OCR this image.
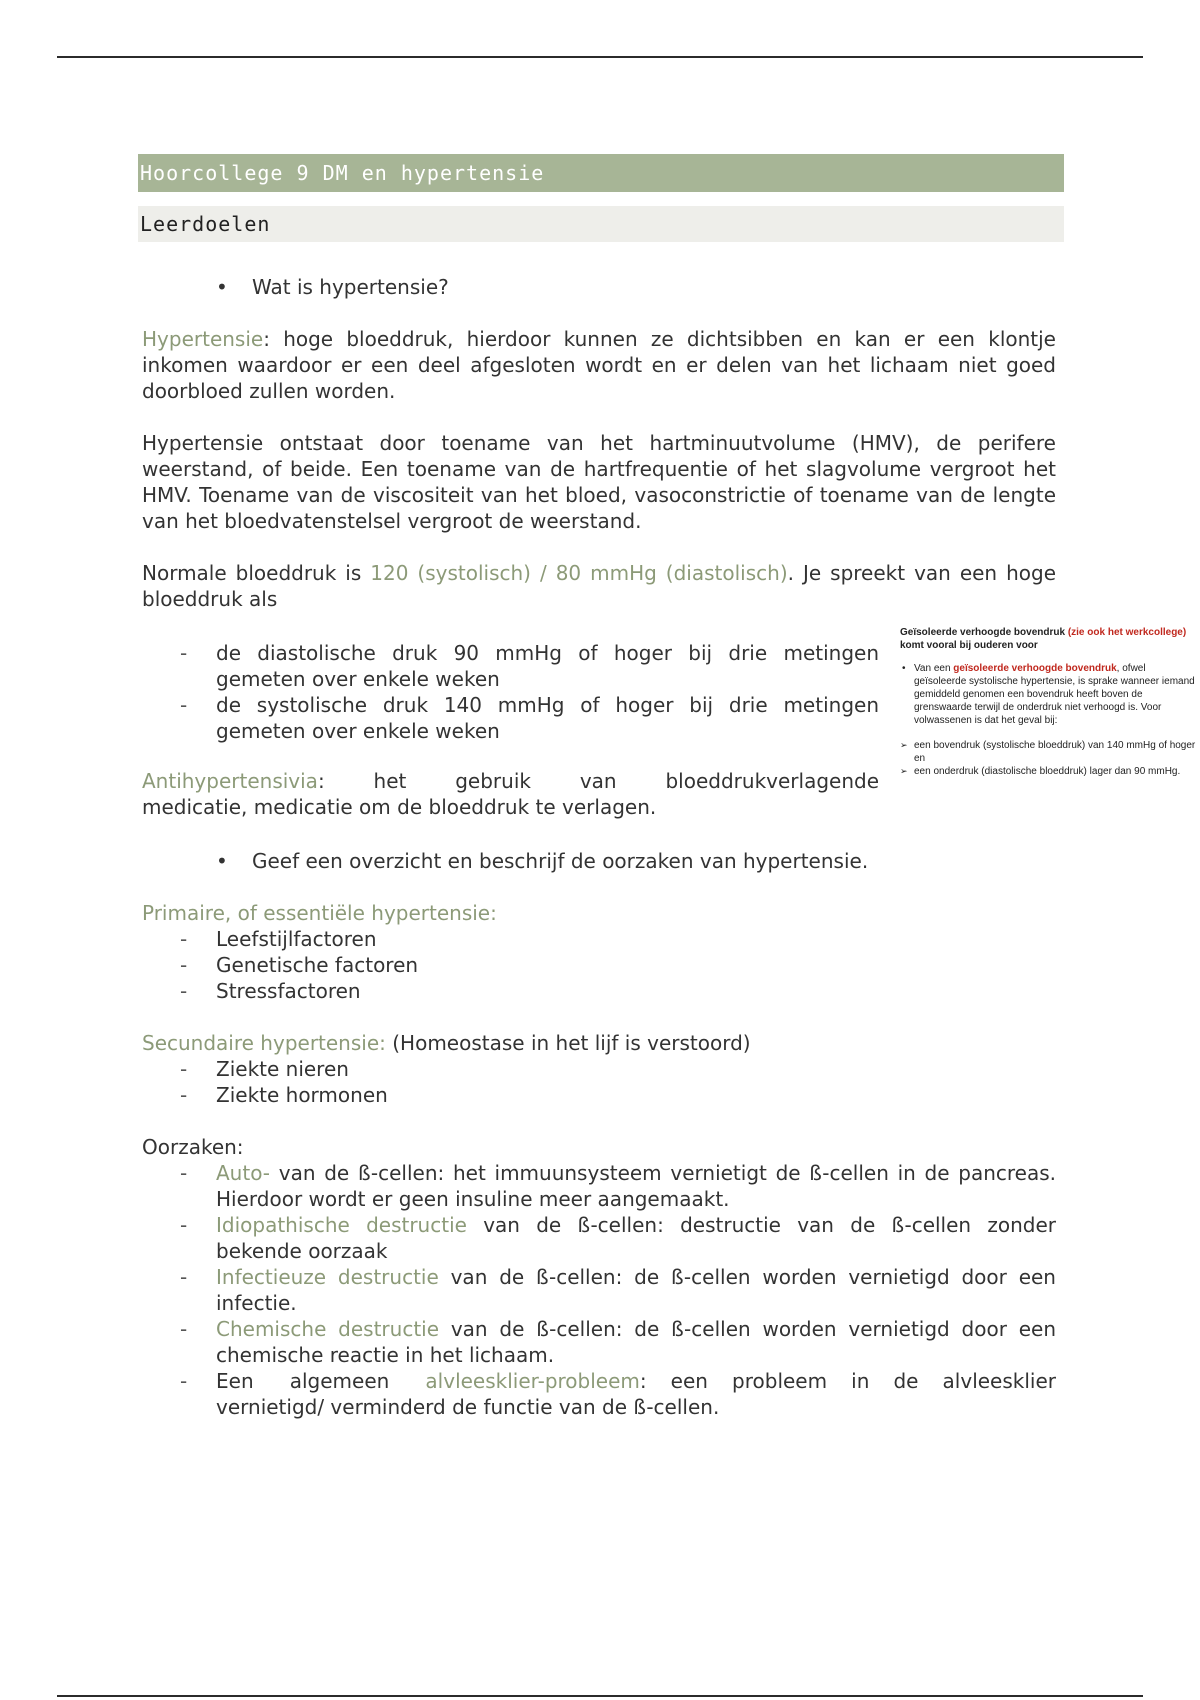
Hoorcollege 9 DM en hypertensie
Leerdoelen
• Wat is hypertensie?

Hypertensie: hoge bloeddruk, hierdoor kunnen ze dichtsibben en kan er een klontje inkomen waardoor er een deel afgesloten wordt en er delen van het lichaam niet goed doorbloed zullen worden.

Hypertensie ontstaat door toename van het hartminuutvolume (HMV), de perifere weerstand, of beide. Een toename van de hartfrequentie of het slagvolume vergroot het HMV. Toename van de viscositeit van het bloed, vasoconstrictie of toename van de lengte van het bloedvatenstelsel vergroot de weerstand.

Normale bloeddruk is 120 (systolisch) / 80 mmHg (diastolisch). Je spreekt van een hoge bloeddruk als

- de diastolische druk 90 mmHg of hoger bij drie metingen gemeten over enkele weken
- de systolische druk 140 mmHg of hoger bij drie metingen gemeten over enkele weken

Antihypertensivia:    het    gebruik    van    bloeddrukverlagende medicatie, medicatie om de bloeddruk te verlagen.

• Geef een overzicht en beschrijf de oorzaken van hypertensie.

Primaire, of essentiële hypertensie:

- Leefstijlfactoren
- Genetische factoren
- Stressfactoren

Secundaire hypertensie: (Homeostase in het lijf is verstoord)

- Ziekte nieren
- Ziekte hormonen

Oorzaken:

- Auto- van de ß-cellen: het immuunsysteem vernietigt de ß-cellen in de pancreas. Hierdoor wordt er geen insuline meer aangemaakt.
- Idiopathische destructie van de ß-cellen: destructie van de ß-cellen zonder bekende oorzaak
- Infectieuze destructie van de ß-cellen: de ß-cellen worden vernietigd door een infectie.
- Chemische destructie van de ß-cellen: de ß-cellen worden vernietigd door een chemische reactie in het lichaam.
- Een   algemeen   alvleesklier-probleem:  een  probleem  in  de  alvleesklier vernietigd/ verminderd de functie van de ß-cellen.
Geïsoleerde verhoogde bovendruk (zie ook het werkcollege) komt vooral bij ouderen voor
• Van een geïsoleerde verhoogde bovendruk, ofwel geïsoleerde systolische hypertensie, is sprake wanneer iemand gemiddeld genomen een bovendruk heeft boven de grenswaarde terwijl de onderdruk niet verhoogd is. Voor volwassenen is dat het geval bij:
➢ een bovendruk (systolische bloeddruk) van 140 mmHg of hoger en
➢ een onderdruk (diastolische bloeddruk) lager dan 90 mmHg.
